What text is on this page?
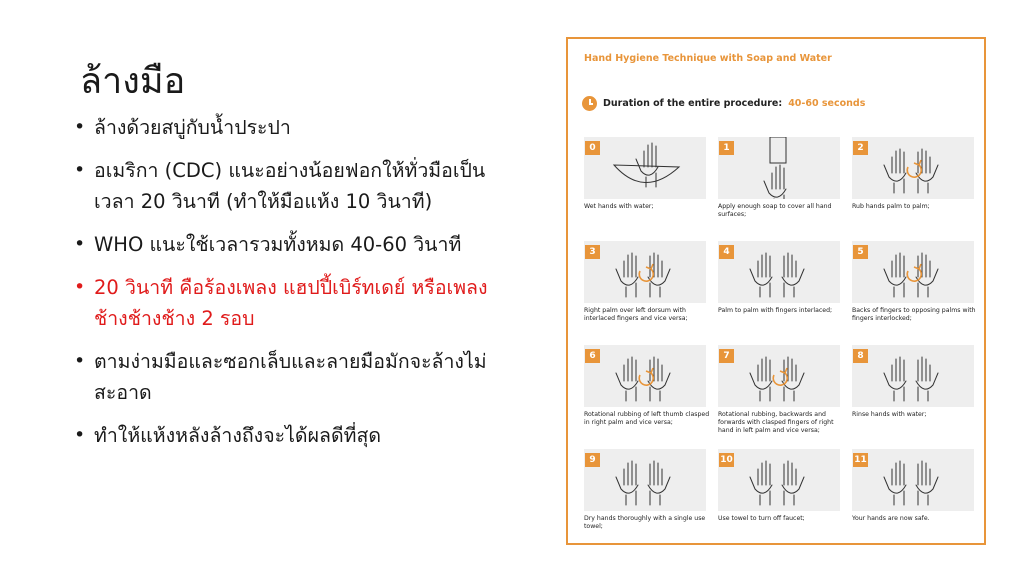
ล้างมือ
• ล้างด้วยสบู่กับน้ำประปา
• อเมริกา (CDC) แนะอย่างน้อยฟอกให้ทั่วมือเป็นเวลา 20 วินาที (ทำให้มือแห้ง 10 วินาที)
• WHO แนะใช้เวลารวมทั้งหมด 40-60 วินาที
• 20 วินาที คือร้องเพลง แฮปปี้เบิร์ทเดย์ หรือเพลงช้างช้างช้าง 2 รอบ
• ตามง่ามมือและซอกเล็บและลายมือมักจะล้างไม่สะอาด
• ทำให้แห้งหลังล้างถึงจะได้ผลดีที่สุด
Hand Hygiene Technique with Soap and Water
Duration of the entire procedure: 40-60 seconds
0
Wet hands with water;
1
Apply enough soap to cover all hand surfaces;
2
Rub hands palm to palm;
3
Right palm over left dorsum with interlaced fingers and vice versa;
4
Palm to palm with fingers interlaced;
5
Backs of fingers to opposing palms with fingers interlocked;
6
Rotational rubbing of left thumb clasped in right palm and vice versa;
7
Rotational rubbing, backwards and forwards with clasped fingers of right hand in left palm and vice versa;
8
Rinse hands with water;
9
Dry hands thoroughly with a single use towel;
10
Use towel to turn off faucet;
11
Your hands are now safe.
